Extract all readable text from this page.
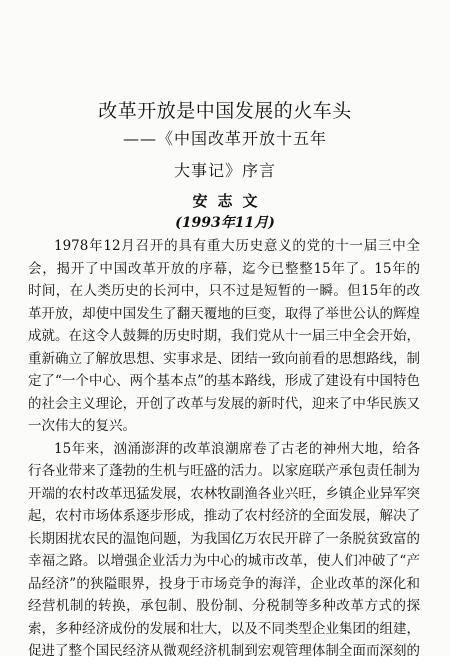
改革开放是中国发展的火车头
——《中国改革开放十五年
大事记》序言
安志文
(1993年11月)
1978年12月召开的具有重大历史意义的党的十一届三中全
会，揭开了中国改革开放的序幕，迄今已整整15年了。15年的
时间，在人类历史的长河中，只不过是短暂的一瞬。但15年的改
革开放，却使中国发生了翻天覆地的巨变，取得了举世公认的辉煌
成就。在这令人鼓舞的历史时期，我们党从十一届三中全会开始，
重新确立了解放思想、实事求是、团结一致向前看的思想路线，制
定了“一个中心、两个基本点”的基本路线，形成了建设有中国特色
的社会主义理论，开创了改革与发展的新时代，迎来了中华民族又
一次伟大的复兴。
15年来，汹涌澎湃的改革浪潮席卷了古老的神州大地，给各
行各业带来了蓬勃的生机与旺盛的活力。以家庭联产承包责任制为
开端的农村改革迅猛发展，农林牧副渔各业兴旺，乡镇企业异军突
起，农村市场体系逐步形成，推动了农村经济的全面发展，解决了
长期困扰农民的温饱问题，为我国亿万农民开辟了一条脱贫致富的
幸福之路。以增强企业活力为中心的城市改革，使人们冲破了“产
品经济”的狭隘眼界，投身于市场竞争的海洋，企业改革的深化和
经营机制的转换，承包制、股份制、分税制等多种改革方式的探
索，多种经济成份的发展和壮大，以及不同类型企业集团的组建，
促进了整个国民经济从微观经济机制到宏观管理体制全面而深刻的
